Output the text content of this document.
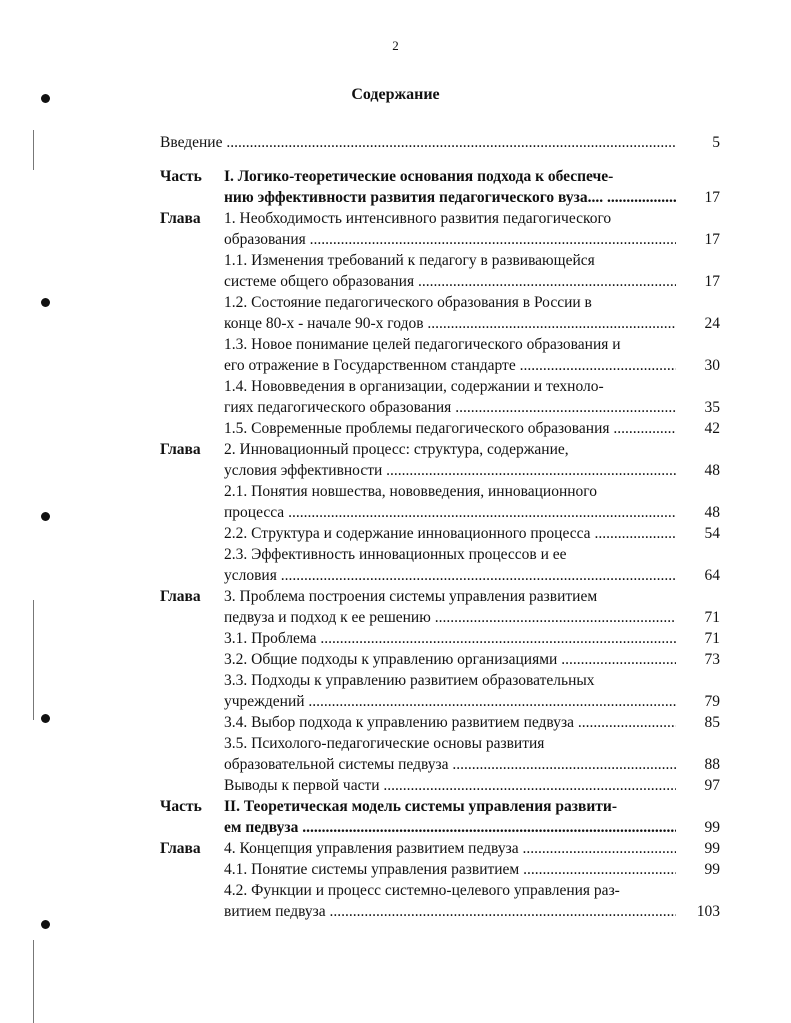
2
Содержание
Введение .....	5
Часть I. Логико-теоретические основания подхода к обеспече-
нию эффективности развития педагогического вуза.... .....	17
Глава 1. Необходимость интенсивного развития педагогического
образования .....	17
1.1. Изменения требований к педагогу в развивающейся
системе общего образования .....	17
1.2. Состояние педагогического образования в России в
конце 80-х - начале 90-х годов .....	24
1.3. Новое понимание целей педагогического образования и
его отражение в Государственном стандарте .....	30
1.4. Нововведения в организации, содержании и техноло-
гиях педагогического образования .....	35
1.5. Современные проблемы педагогического образования .....	42
Глава 2. Инновационный процесс: структура, содержание,
условия эффективности .....	48
2.1. Понятия новшества, нововведения, инновационного
процесса .....	48
2.2. Структура и содержание инновационного процесса .....	54
2.3. Эффективность инновационных процессов и ее
условия .....	64
Глава 3. Проблема построения системы управления развитием
педвуза и подход к ее решению .....	71
3.1. Проблема .....	71
3.2. Общие подходы к управлению организациями .....	73
3.3. Подходы к управлению развитием образовательных
учреждений .....	79
3.4. Выбор подхода к управлению развитием педвуза .....	85
3.5. Психолого-педагогические основы развития
образовательной системы педвуза .....	88
Выводы к первой части .....	97
Часть II. Теоретическая модель системы управления развити-
ем педвуза .....	99
Глава 4. Концепция управления развитием педвуза .....	99
4.1. Понятие системы управления развитием .....	99
4.2. Функции и процесс системно-целевого управления раз-
витием педвуза .....	103
